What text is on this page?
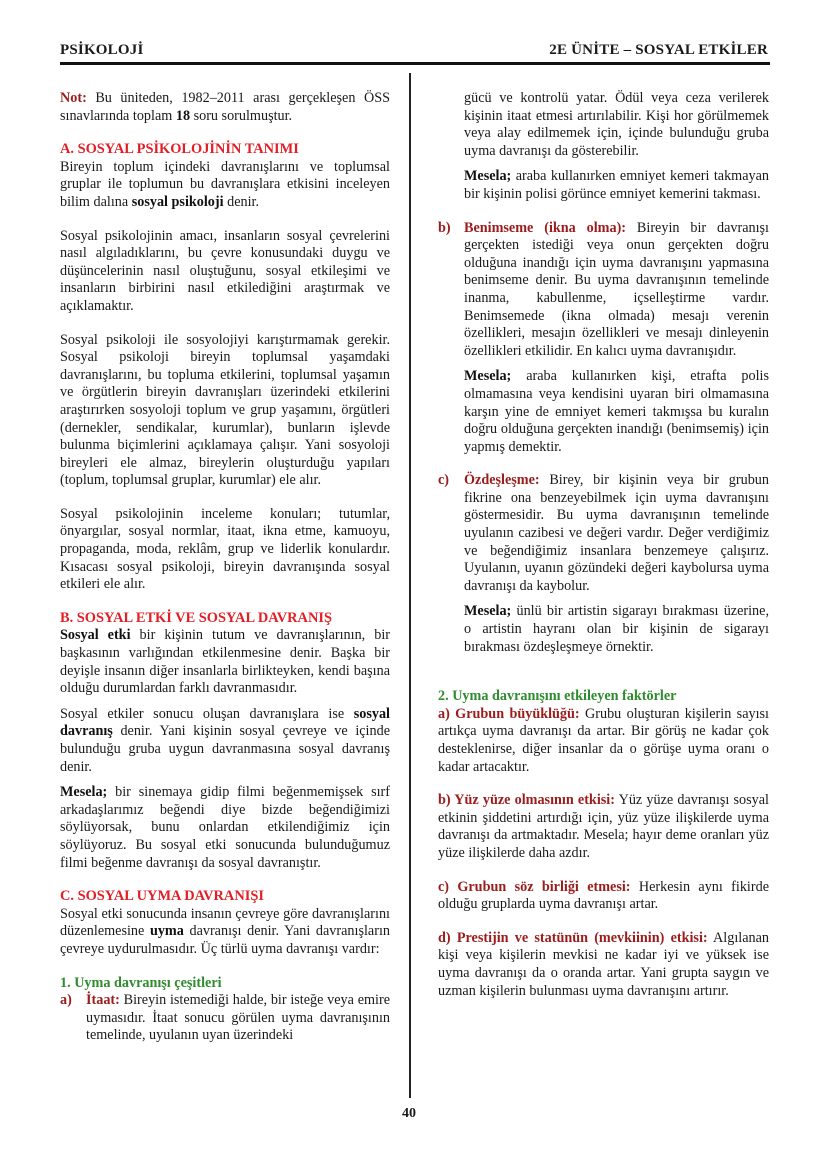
PSİKOLOJİ	2E ÜNİTE – SOSYAL ETKİLER

Not: Bu üniteden, 1982–2011 arası gerçekleşen ÖSS sınavlarında toplam 18 soru sorulmuştur.

A. SOSYAL PSİKOLOJİNİN TANIMI

Bireyin toplum içindeki davranışlarını ve toplumsal gruplar ile toplumun bu davranışlara etkisini inceleyen bilim dalına sosyal psikoloji denir.

Sosyal psikolojinin amacı, insanların sosyal çevrelerini nasıl algıladıklarını, bu çevre konusundaki duygu ve düşüncelerinin nasıl oluştuğunu, sosyal etkileşimi ve insanların birbirini nasıl etkilediğini araştırmak ve açıklamaktır.

Sosyal psikoloji ile sosyolojiyi karıştırmamak gerekir. Sosyal psikoloji bireyin toplumsal yaşamdaki davranışlarını, bu topluma etkilerini, toplumsal yaşamın ve örgütlerin bireyin davranışları üzerindeki etkilerini araştırırken sosyoloji toplum ve grup yaşamını, örgütleri (dernekler, sendikalar, kurumlar), bunların işlevde bulunma biçimlerini açıklamaya çalışır. Yani sosyoloji bireyleri ele almaz, bireylerin oluşturduğu yapıları (toplum, toplumsal gruplar, kurumlar) ele alır.

Sosyal psikolojinin inceleme konuları; tutumlar, önyargılar, sosyal normlar, itaat, ikna etme, kamuoyu, propaganda, moda, reklâm, grup ve liderlik konulardır. Kısacası sosyal psikoloji, bireyin davranışında sosyal etkileri ele alır.

B. SOSYAL ETKİ VE SOSYAL DAVRANIŞ

Sosyal etki bir kişinin tutum ve davranışlarının, bir başkasının varlığından etkilenmesine denir. Başka bir deyişle insanın diğer insanlarla birlikteyken, kendi başına olduğu durumlardan farklı davranmasıdır.

Sosyal etkiler sonucu oluşan davranışlara ise sosyal davranış denir. Yani kişinin sosyal çevreye ve içinde bulunduğu gruba uygun davranmasına sosyal davranış denir.

Mesela; bir sinemaya gidip filmi beğenmemişsek sırf arkadaşlarımız beğendi diye bizde beğendiğimizi söylüyorsak, bunu onlardan etkilendiğimiz için söylüyoruz. Bu sosyal etki sonucunda bulunduğumuz filmi beğenme davranışı da sosyal davranıştır.

C. SOSYAL UYMA DAVRANIŞI

Sosyal etki sonucunda insanın çevreye göre davranışlarını düzenlemesine uyma davranışı denir. Yani davranışların çevreye uydurulmasıdır. Üç türlü uyma davranışı vardır:

1. Uyma davranışı çeşitleri
a) İtaat: Bireyin istemediği halde, bir isteğe veya emire uymasıdır. İtaat sonucu görülen uyma davranışının temelinde, uyulanın uyan üzerindeki

gücü ve kontrolü yatar. Ödül veya ceza verilerek kişinin itaat etmesi artırılabilir. Kişi hor görülmemek veya alay edilmemek için, içinde bulunduğu gruba uyma davranışı da gösterebilir.

Mesela; araba kullanırken emniyet kemeri takmayan bir kişinin polisi görünce emniyet kemerini takması.

b) Benimseme (ikna olma): Bireyin bir davranışı gerçekten istediği veya onun gerçekten doğru olduğuna inandığı için uyma davranışını yapmasına benimseme denir. Bu uyma davranışının temelinde inanma, kabullenme, içselleştirme vardır. Benimsemede (ikna olmada) mesajı verenin özellikleri, mesajın özellikleri ve mesajı dinleyenin özellikleri etkilidir. En kalıcı uyma davranışıdır.

Mesela; araba kullanırken kişi, etrafta polis olmamasına veya kendisini uyaran biri olmamasına karşın yine de emniyet kemeri takmışsa bu kuralın doğru olduğuna gerçekten inandığı (benimsemiş) için yapmış demektir.

c)	Özdeşleşme: Birey, bir kişinin veya bir grubun fikrine ona benzeyebilmek için uyma davranışını göstermesidir. Bu uyma davranışının temelinde uyulanın cazibesi ve değeri vardır. Değer verdiğimiz ve beğendiğimiz insanlara benzemeye çalışırız. Uyulanın, uyanın gözündeki değeri kaybolursa uyma davranışı da kaybolur.

Mesela; ünlü bir artistin sigarayı bırakması üzerine, o artistin hayranı olan bir kişinin de sigarayı bırakması özdeşleşmeye örnektir.

2. Uyma davranışını etkileyen faktörler

a) Grubun büyüklüğü: Grubu oluşturan kişilerin sayısı artıkça uyma davranışı da artar. Bir görüş ne kadar çok desteklenirse, diğer insanlar da o görüşe uyma oranı o kadar artacaktır.

b) Yüz yüze olmasının etkisi: Yüz yüze davranışı sosyal etkinin şiddetini artırdığı için, yüz yüze ilişkilerde uyma davranışı da artmaktadır. Mesela; hayır deme oranları yüz yüze ilişkilerde daha azdır.

c) Grubun söz birliği etmesi: Herkesin aynı fikirde olduğu gruplarda uyma davranışı artar.

d) Prestijin ve statünün (mevkiinin) etkisi: Algılanan kişi veya kişilerin mevkisi ne kadar iyi ve yüksek ise uyma davranışı da o oranda artar. Yani grupta saygın ve uzman kişilerin bulunması uyma davranışını artırır.

40
